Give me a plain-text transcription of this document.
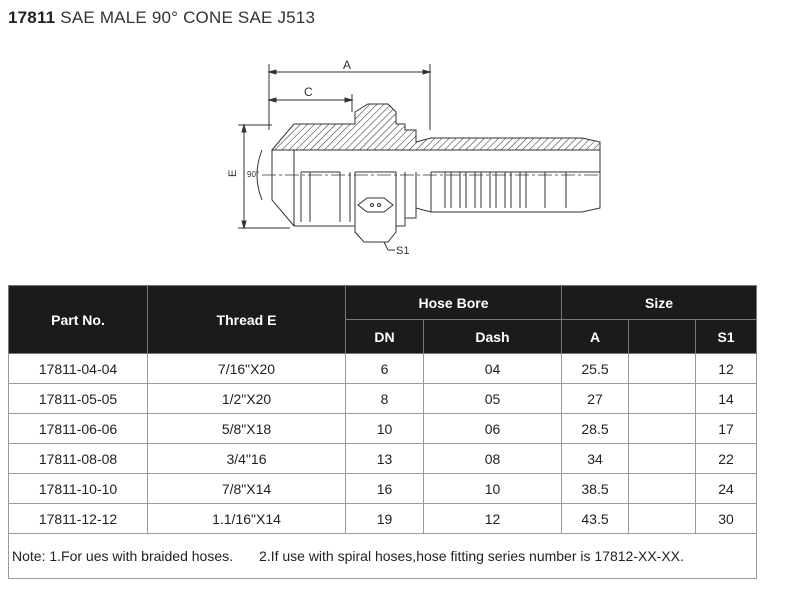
17811 SAE MALE 90° CONE SAE J513
A
C
E 90°
S1
Part No.	Thread E	Hose Bore		Size		
		DN	Dash	A		S1
17811-04-04	7/16"X20	6	04	25.5		12
17811-05-05	1/2"X20	8	05	27		14
17811-06-06	5/8"X18	10	06	28.5		17
17811-08-08	3/4"16	13	08	34		22
17811-10-10	7/8"X14	16	10	38.5		24
17811-12-12	1.1/16"X14	19	12	43.5		30
Note: 1.For ues with braided hoses. 2.If use with spiral hoses,hose fitting series number is 17812-XX-XX.						
